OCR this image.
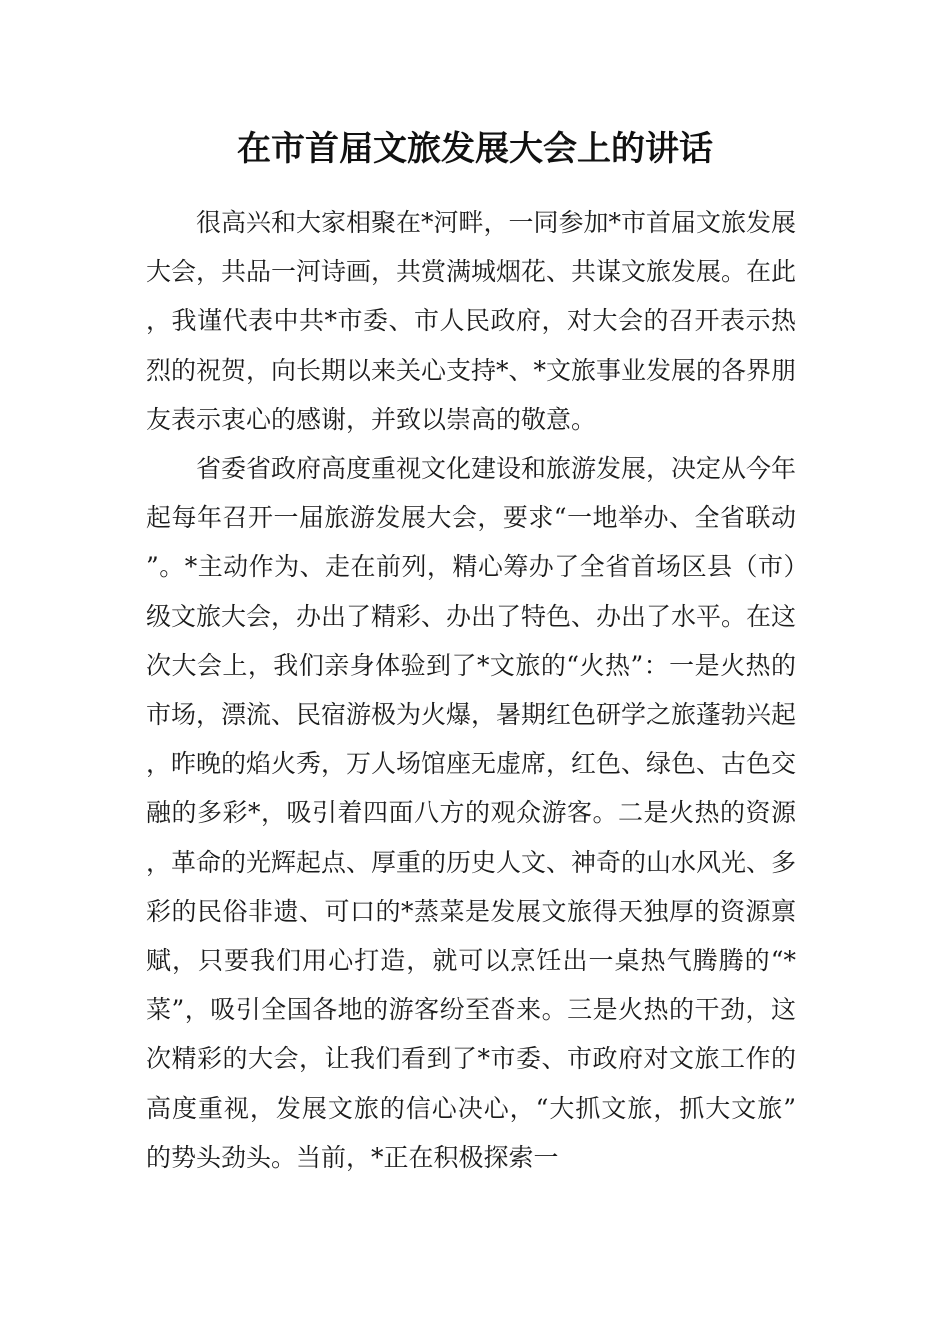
在市首届文旅发展大会上的讲话

很高兴和大家相聚在*河畔，一同参加*市首届文旅发展大会，共品一河诗画，共赏满城烟花、共谋文旅发展。在此，我谨代表中共*市委、市人民政府，对大会的召开表示热烈的祝贺，向长期以来关心支持*、*文旅事业发展的各界朋友表示衷心的感谢，并致以崇高的敬意。

省委省政府高度重视文化建设和旅游发展，决定从今年起每年召开一届旅游发展大会，要求“一地举办、全省联动”。*主动作为、走在前列，精心筹办了全省首场区县（市）级文旅大会，办出了精彩、办出了特色、办出了水平。在这次大会上，我们亲身体验到了*文旅的“火热”：一是火热的市场，漂流、民宿游极为火爆，暑期红色研学之旅蓬勃兴起，昨晚的焰火秀，万人场馆座无虚席，红色、绿色、古色交融的多彩*，吸引着四面八方的观众游客。二是火热的资源，革命的光辉起点、厚重的历史人文、神奇的山水风光、多彩的民俗非遗、可口的*蒸菜是发展文旅得天独厚的资源禀赋，只要我们用心打造，就可以烹饪出一桌热气腾腾的“*菜”，吸引全国各地的游客纷至沓来。三是火热的干劲，这次精彩的大会，让我们看到了*市委、市政府对文旅工作的高度重视，发展文旅的信心决心，“大抓文旅，抓大文旅”的势头劲头。当前，*正在积极探索一
